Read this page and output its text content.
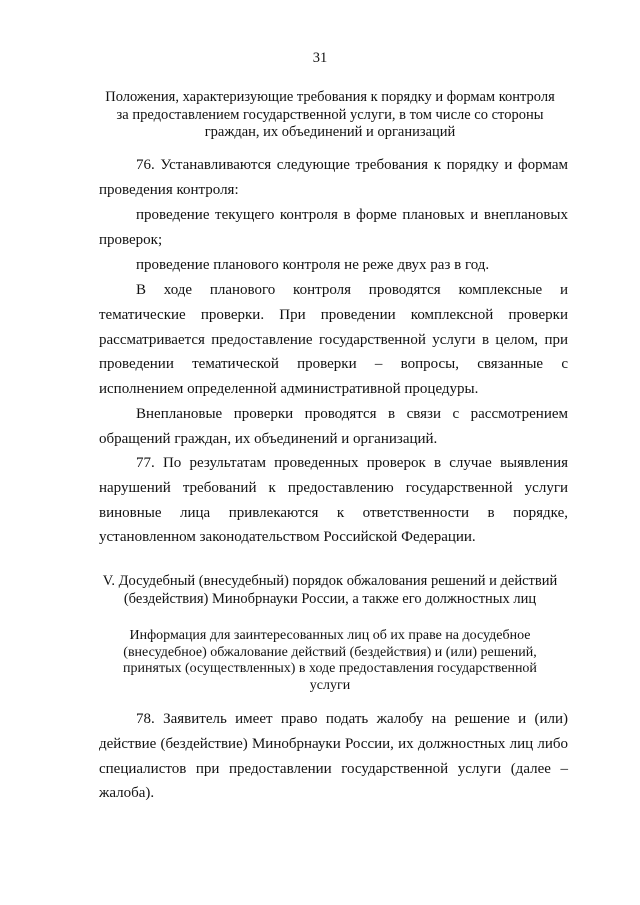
31
Положения, характеризующие требования к порядку и формам контроля
за предоставлением государственной услуги, в том числе со стороны
граждан, их объединений и организаций

76. Устанавливаются следующие требования к порядку и формам проведения контроля:

проведение текущего контроля в форме плановых и внеплановых проверок;

проведение планового контроля не реже двух раз в год.

В ходе планового контроля проводятся комплексные и тематические проверки. При проведении комплексной проверки рассматривается предоставление государственной услуги в целом, при проведении тематической проверки – вопросы, связанные с исполнением определенной административной процедуры.

Внеплановые проверки проводятся в связи с рассмотрением обращений граждан, их объединений и организаций.

77. По результатам проведенных проверок в случае выявления нарушений требований к предоставлению государственной услуги виновные лица привлекаются к ответственности в порядке, установленном законодательством Российской Федерации.

V. Досудебный (внесудебный) порядок обжалования решений и действий
(бездействия) Минобрнауки России, а также его должностных лиц
Информация для заинтересованных лиц об их праве на досудебное
(внесудебное) обжалование действий (бездействия) и (или) решений,
принятых (осуществленных) в ходе предоставления государственной
услуги

78. Заявитель имеет право подать жалобу на решение и (или) действие (бездействие) Минобрнауки России, их должностных лиц либо специалистов при предоставлении государственной услуги (далее – жалоба).
